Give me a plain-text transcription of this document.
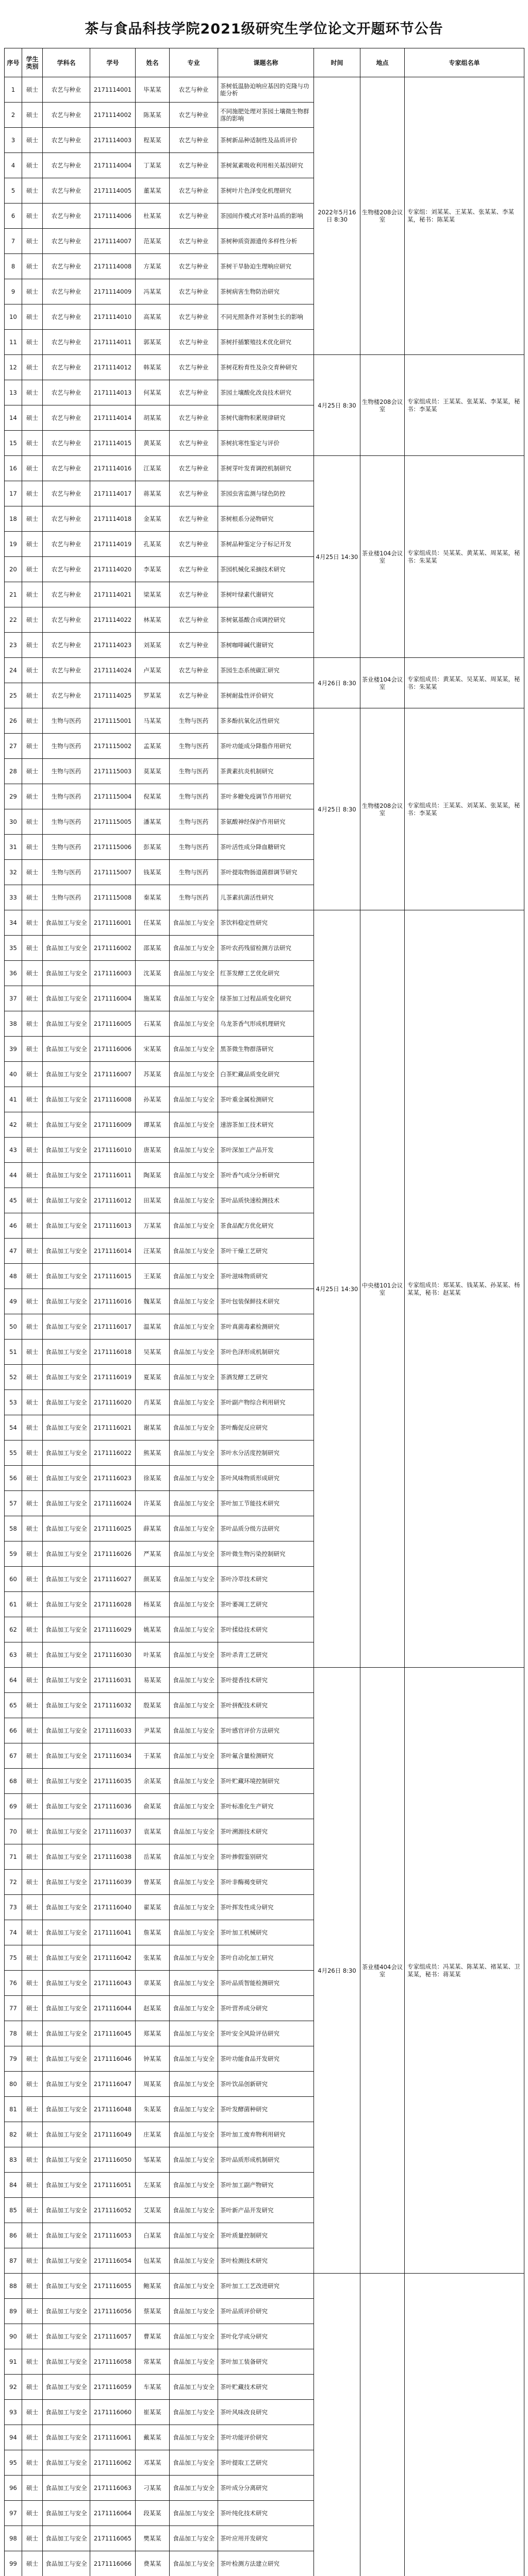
茶与食品科技学院2021级研究生学位论文开题环节公告
序号	学生类别	学科名	学号	姓名	专业	课题名称	时间	地点	专家组名单
1	硕士	农艺与种业	2171114001	毕某某	农艺与种业	茶树低温胁迫响应基因的克隆与功能分析	2022年5月16日 8:30	生物楼208会议室	专家组：刘某某、王某某、张某某、李某某，秘书：陈某某
2	硕士	农艺与种业	2171114002	陈某某	农艺与种业	不同施肥处理对茶园土壤微生物群落的影响			
3	硕士	农艺与种业	2171114003	程某某	农艺与种业	茶树新品种适制性及品质评价			
4	硕士	农艺与种业	2171114004	丁某某	农艺与种业	茶树氮素吸收利用相关基因研究			
5	硕士	农艺与种业	2171114005	董某某	农艺与种业	茶树叶片色泽变化机理研究			
6	硕士	农艺与种业	2171114006	杜某某	农艺与种业	茶园间作模式对茶叶品质的影响			
7	硕士	农艺与种业	2171114007	范某某	农艺与种业	茶树种质资源遗传多样性分析			
8	硕士	农艺与种业	2171114008	方某某	农艺与种业	茶树干旱胁迫生理响应研究			
9	硕士	农艺与种业	2171114009	冯某某	农艺与种业	茶树病害生物防治研究			
10	硕士	农艺与种业	2171114010	高某某	农艺与种业	不同光照条件对茶树生长的影响			
11	硕士	农艺与种业	2171114011	郭某某	农艺与种业	茶树扦插繁殖技术优化研究			
12	硕士	农艺与种业	2171114012	韩某某	农艺与种业	茶树花粉育性及杂交育种研究	4月25日 8:30	生物楼208会议室	专家组成员：王某某、张某某、李某某，秘书：李某某
13	硕士	农艺与种业	2171114013	何某某	农艺与种业	茶园土壤酸化改良技术研究			
14	硕士	农艺与种业	2171114014	胡某某	农艺与种业	茶树代谢物积累规律研究			
15	硕士	农艺与种业	2171114015	黄某某	农艺与种业	茶树抗寒性鉴定与评价			
16	硕士	农艺与种业	2171114016	江某某	农艺与种业	茶树芽叶发育调控机制研究	4月25日 14:30	茶业楼104会议室	专家组成员：吴某某、黄某某、周某某，秘书：朱某某
17	硕士	农艺与种业	2171114017	蒋某某	农艺与种业	茶园虫害监测与绿色防控			
18	硕士	农艺与种业	2171114018	金某某	农艺与种业	茶树根系分泌物研究			
19	硕士	农艺与种业	2171114019	孔某某	农艺与种业	茶树品种鉴定分子标记开发			
20	硕士	农艺与种业	2171114020	李某某	农艺与种业	茶园机械化采摘技术研究			
21	硕士	农艺与种业	2171114021	梁某某	农艺与种业	茶树叶绿素代谢研究			
22	硕士	农艺与种业	2171114022	林某某	农艺与种业	茶树氨基酸合成调控研究			
23	硕士	农艺与种业	2171114023	刘某某	农艺与种业	茶树咖啡碱代谢研究			
24	硕士	农艺与种业	2171114024	卢某某	农艺与种业	茶园生态系统碳汇研究	4月26日 8:30	茶业楼104会议室	专家组成员：黄某某、吴某某、周某某，秘书：朱某某
25	硕士	农艺与种业	2171114025	罗某某	农艺与种业	茶树耐盐性评价研究			
26	硕士	生物与医药	2171115001	马某某	生物与医药	茶多酚抗氧化活性研究	4月25日 8:30	生物楼208会议室	专家组成员：王某某、刘某某、张某某，秘书：李某某
27	硕士	生物与医药	2171115002	孟某某	生物与医药	茶叶功能成分降脂作用研究			
28	硕士	生物与医药	2171115003	莫某某	生物与医药	茶黄素抗炎机制研究			
29	硕士	生物与医药	2171115004	倪某某	生物与医药	茶叶多糖免疫调节作用研究			
30	硕士	生物与医药	2171115005	潘某某	生物与医药	茶氨酸神经保护作用研究			
31	硕士	生物与医药	2171115006	彭某某	生物与医药	茶叶活性成分降血糖研究			
32	硕士	生物与医药	2171115007	钱某某	生物与医药	茶叶提取物肠道菌群调节研究			
33	硕士	生物与医药	2171115008	秦某某	生物与医药	儿茶素抗菌活性研究			
34	硕士	食品加工与安全	2171116001	任某某	食品加工与安全	茶饮料稳定性研究	4月25日 14:30	中央楼101会议室	专家组成员：郑某某、钱某某、孙某某、杨某某，秘书：赵某某
35	硕士	食品加工与安全	2171116002	邵某某	食品加工与安全	茶叶农药残留检测方法研究			
36	硕士	食品加工与安全	2171116003	沈某某	食品加工与安全	红茶发酵工艺优化研究			
37	硕士	食品加工与安全	2171116004	施某某	食品加工与安全	绿茶加工过程品质变化研究			
38	硕士	食品加工与安全	2171116005	石某某	食品加工与安全	乌龙茶香气形成机理研究			
39	硕士	食品加工与安全	2171116006	宋某某	食品加工与安全	黑茶微生物群落研究			
40	硕士	食品加工与安全	2171116007	苏某某	食品加工与安全	白茶贮藏品质变化研究			
41	硕士	食品加工与安全	2171116008	孙某某	食品加工与安全	茶叶重金属检测研究			
42	硕士	食品加工与安全	2171116009	谭某某	食品加工与安全	速溶茶加工技术研究			
43	硕士	食品加工与安全	2171116010	唐某某	食品加工与安全	茶叶深加工产品开发			
44	硕士	食品加工与安全	2171116011	陶某某	食品加工与安全	茶叶香气成分分析研究			
45	硕士	食品加工与安全	2171116012	田某某	食品加工与安全	茶叶品质快速检测技术			
46	硕士	食品加工与安全	2171116013	万某某	食品加工与安全	茶食品配方优化研究			
47	硕士	食品加工与安全	2171116014	汪某某	食品加工与安全	茶叶干燥工艺研究			
48	硕士	食品加工与安全	2171116015	王某某	食品加工与安全	茶叶滋味物质研究			
49	硕士	食品加工与安全	2171116016	魏某某	食品加工与安全	茶叶包装保鲜技术研究			
50	硕士	食品加工与安全	2171116017	温某某	食品加工与安全	茶叶真菌毒素检测研究			
51	硕士	食品加工与安全	2171116018	吴某某	食品加工与安全	茶叶色泽形成机制研究			
52	硕士	食品加工与安全	2171116019	夏某某	食品加工与安全	茶酒发酵工艺研究			
53	硕士	食品加工与安全	2171116020	肖某某	食品加工与安全	茶叶副产物综合利用研究			
54	硕士	食品加工与安全	2171116021	谢某某	食品加工与安全	茶叶酶促反应研究			
55	硕士	食品加工与安全	2171116022	熊某某	食品加工与安全	茶叶水分活度控制研究			
56	硕士	食品加工与安全	2171116023	徐某某	食品加工与安全	茶叶风味物质形成研究			
57	硕士	食品加工与安全	2171116024	许某某	食品加工与安全	茶叶加工节能技术研究			
58	硕士	食品加工与安全	2171116025	薛某某	食品加工与安全	茶叶品质分级方法研究			
59	硕士	食品加工与安全	2171116026	严某某	食品加工与安全	茶叶微生物污染控制研究			
60	硕士	食品加工与安全	2171116027	颜某某	食品加工与安全	茶叶冷萃技术研究			
61	硕士	食品加工与安全	2171116028	杨某某	食品加工与安全	茶叶萎凋工艺研究			
62	硕士	食品加工与安全	2171116029	姚某某	食品加工与安全	茶叶揉捻技术研究			
63	硕士	食品加工与安全	2171116030	叶某某	食品加工与安全	茶叶杀青工艺研究			
64	硕士	食品加工与安全	2171116031	易某某	食品加工与安全	茶叶提香技术研究	4月26日 8:30	茶业楼404会议室	专家组成员：冯某某、陈某某、褚某某、卫某某，秘书：蒋某某
65	硕士	食品加工与安全	2171116032	殷某某	食品加工与安全	茶叶拼配技术研究			
66	硕士	食品加工与安全	2171116033	尹某某	食品加工与安全	茶叶感官评价方法研究			
67	硕士	食品加工与安全	2171116034	于某某	食品加工与安全	茶叶氟含量检测研究			
68	硕士	食品加工与安全	2171116035	余某某	食品加工与安全	茶叶贮藏环境控制研究			
69	硕士	食品加工与安全	2171116036	俞某某	食品加工与安全	茶叶标准化生产研究			
70	硕士	食品加工与安全	2171116037	袁某某	食品加工与安全	茶叶溯源技术研究			
71	硕士	食品加工与安全	2171116038	岳某某	食品加工与安全	茶叶掺假鉴别研究			
72	硕士	食品加工与安全	2171116039	曾某某	食品加工与安全	茶叶非酶褐变研究			
73	硕士	食品加工与安全	2171116040	翟某某	食品加工与安全	茶叶挥发性成分研究			
74	硕士	食品加工与安全	2171116041	詹某某	食品加工与安全	茶叶加工机械研究			
75	硕士	食品加工与安全	2171116042	张某某	食品加工与安全	茶叶自动化加工研究			
76	硕士	食品加工与安全	2171116043	章某某	食品加工与安全	茶叶品质智能检测研究			
77	硕士	食品加工与安全	2171116044	赵某某	食品加工与安全	茶叶营养成分研究			
78	硕士	食品加工与安全	2171116045	郑某某	食品加工与安全	茶叶安全风险评估研究			
79	硕士	食品加工与安全	2171116046	钟某某	食品加工与安全	茶叶功能食品开发研究			
80	硕士	食品加工与安全	2171116047	周某某	食品加工与安全	茶叶饮品创新研究			
81	硕士	食品加工与安全	2171116048	朱某某	食品加工与安全	茶叶发酵菌种研究			
82	硕士	食品加工与安全	2171116049	庄某某	食品加工与安全	茶叶加工废弃物利用研究			
83	硕士	食品加工与安全	2171116050	邹某某	食品加工与安全	茶叶品质形成机制研究			
84	硕士	食品加工与安全	2171116051	左某某	食品加工与安全	茶叶加工副产物研究			
85	硕士	食品加工与安全	2171116052	艾某某	食品加工与安全	茶叶新产品开发研究			
86	硕士	食品加工与安全	2171116053	白某某	食品加工与安全	茶叶质量控制研究			
87	硕士	食品加工与安全	2171116054	包某某	食品加工与安全	茶叶检测技术研究			
88	硕士	食品加工与安全	2171116055	鲍某某	食品加工与安全	茶叶加工工艺改进研究			
89	硕士	食品加工与安全	2171116056	蔡某某	食品加工与安全	茶叶品质评价研究			
90	硕士	食品加工与安全	2171116057	曹某某	食品加工与安全	茶叶化学成分研究			
91	硕士	食品加工与安全	2171116058	常某某	食品加工与安全	茶叶加工装备研究			
92	硕士	食品加工与安全	2171116059	车某某	食品加工与安全	茶叶贮藏技术研究			
93	硕士	食品加工与安全	2171116060	崔某某	食品加工与安全	茶叶风味改良研究			
94	硕士	食品加工与安全	2171116061	戴某某	食品加工与安全	茶叶功能评价研究			
95	硕士	食品加工与安全	2171116062	邓某某	食品加工与安全	茶叶提取工艺研究			
96	硕士	食品加工与安全	2171116063	刁某某	食品加工与安全	茶叶成分分离研究			
97	硕士	食品加工与安全	2171116064	段某某	食品加工与安全	茶叶纯化技术研究			
98	硕士	食品加工与安全	2171116065	樊某某	食品加工与安全	茶叶应用开发研究			
99	硕士	食品加工与安全	2171116066	费某某	食品加工与安全	茶叶检测方法建立研究			
